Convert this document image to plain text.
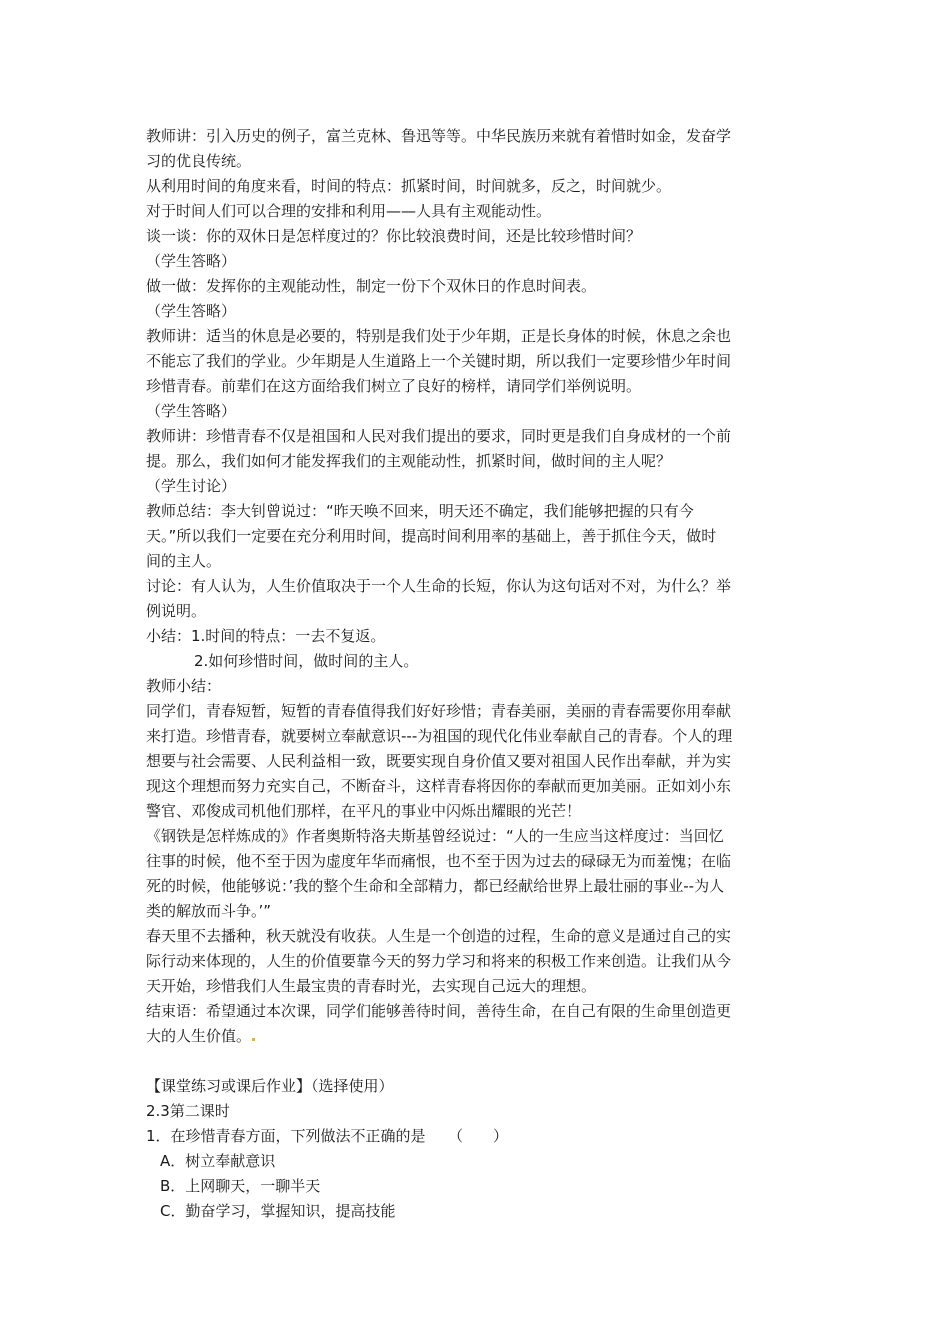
教师讲：引入历史的例子，富兰克林、鲁迅等等。中华民族历来就有着惜时如金，发奋学
习的优良传统。
从利用时间的角度来看，时间的特点：抓紧时间，时间就多，反之，时间就少。
对于时间人们可以合理的安排和利用——人具有主观能动性。
谈一谈：你的双休日是怎样度过的？你比较浪费时间，还是比较珍惜时间？
（学生答略）
做一做：发挥你的主观能动性，制定一份下个双休日的作息时间表。
（学生答略）
教师讲：适当的休息是必要的，特别是我们处于少年期，正是长身体的时候，休息之余也
不能忘了我们的学业。少年期是人生道路上一个关键时期，所以我们一定要珍惜少年时间
珍惜青春。前辈们在这方面给我们树立了良好的榜样，请同学们举例说明。
（学生答略）
教师讲：珍惜青春不仅是祖国和人民对我们提出的要求，同时更是我们自身成材的一个前
提。那么，我们如何才能发挥我们的主观能动性，抓紧时间，做时间的主人呢？
（学生讨论）
教师总结：李大钊曾说过：“昨天唤不回来，明天还不确定，我们能够把握的只有今
天。”所以我们一定要在充分利用时间，提高时间利用率的基础上，善于抓住今天，做时
间的主人。
讨论：有人认为，人生价值取决于一个人生命的长短，你认为这句话对不对，为什么？举
例说明。
小结：1.时间的特点：一去不复返。
2.如何珍惜时间，做时间的主人。
教师小结：
同学们，青春短暂，短暂的青春值得我们好好珍惜；青春美丽，美丽的青春需要你用奉献
来打造。珍惜青春，就要树立奉献意识---为祖国的现代化伟业奉献自己的青春。个人的理
想要与社会需要、人民利益相一致，既要实现自身价值又要对祖国人民作出奉献，并为实
现这个理想而努力充实自己，不断奋斗，这样青春将因你的奉献而更加美丽。正如刘小东
警官、邓俊成司机他们那样，在平凡的事业中闪烁出耀眼的光芒！
《钢铁是怎样炼成的》作者奥斯特洛夫斯基曾经说过：“人的一生应当这样度过：当回忆
往事的时候，他不至于因为虚度年华而痛恨，也不至于因为过去的碌碌无为而羞愧；在临
死的时候，他能够说：’我的整个生命和全部精力，都已经献给世界上最壮丽的事业--为人
类的解放而斗争。’”
春天里不去播种，秋天就没有收获。人生是一个创造的过程，生命的意义是通过自己的实
际行动来体现的，人生的价值要靠今天的努力学习和将来的积极工作来创造。让我们从今
天开始，珍惜我们人生最宝贵的青春时光，去实现自己远大的理想。
结束语：希望通过本次课，同学们能够善待时间，善待生命，在自己有限的生命里创造更
大的人生价值。
【课堂练习或课后作业】（选择使用）
2.3第二课时
1．在珍惜青春方面，下列做法不正确的是　　（　　）
A．树立奉献意识
B．上网聊天，一聊半天
C．勤奋学习，掌握知识，提高技能
